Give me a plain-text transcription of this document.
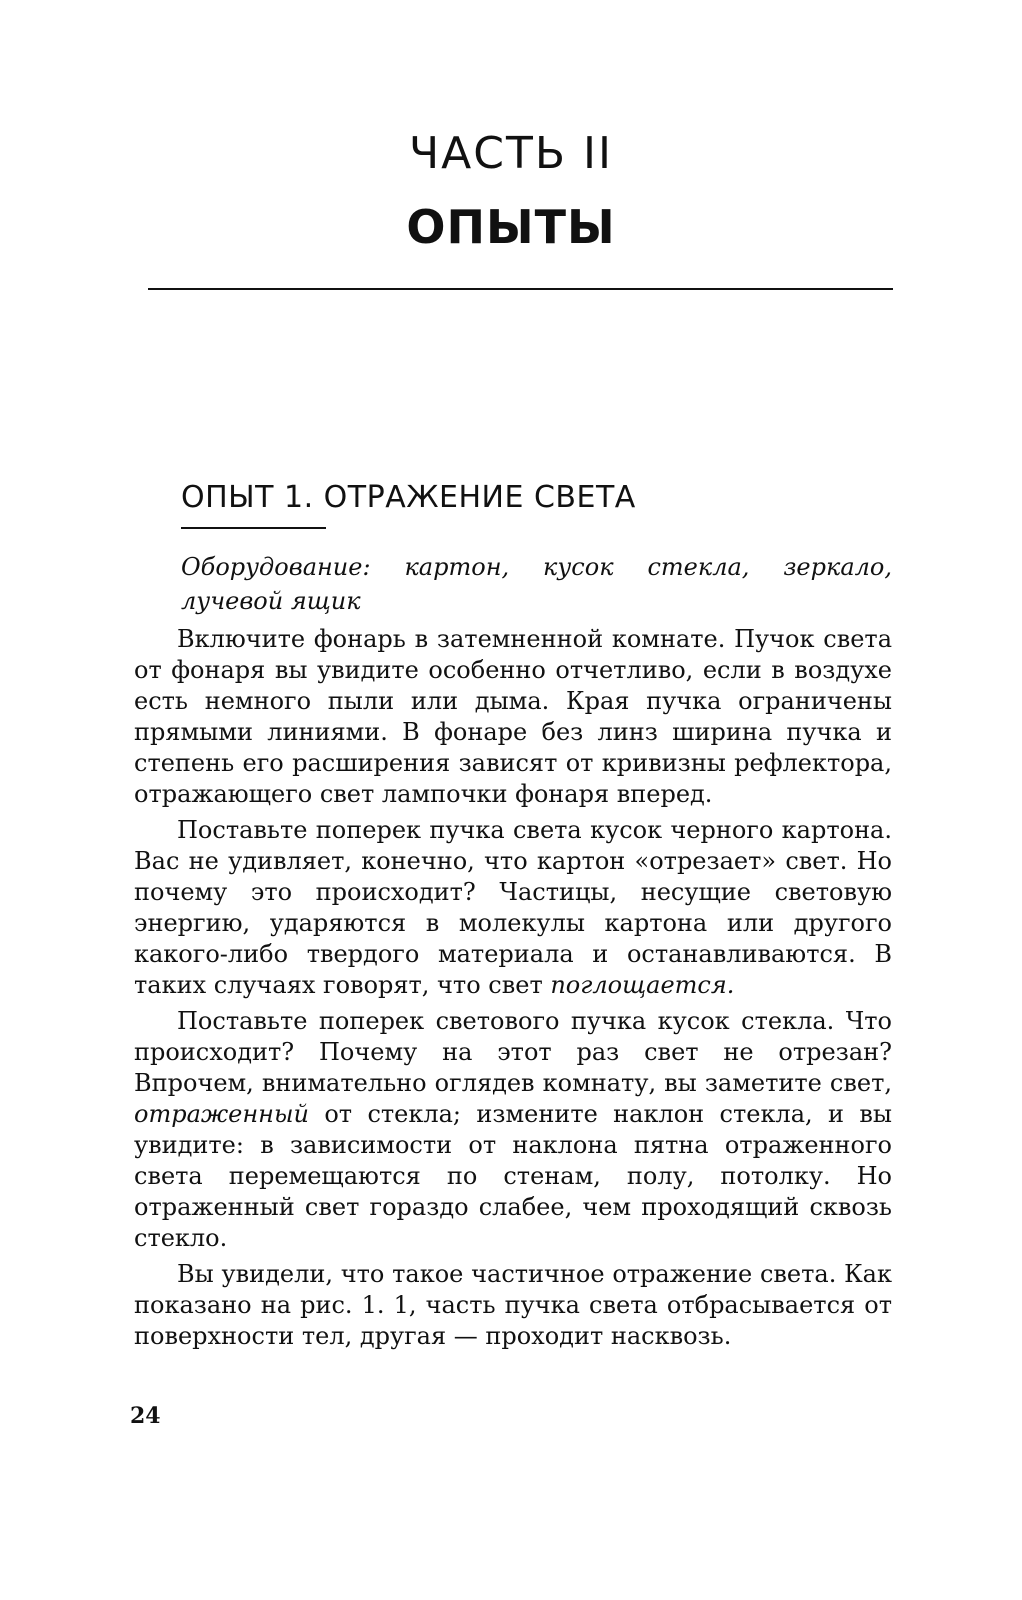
ЧАСТЬ II
ОПЫТЫ
ОПЫТ 1. ОТРАЖЕНИЕ СВЕТА
Оборудование: картон, кусок стекла, зеркало, лучевой ящик

Включите фонарь в затемненной комнате. Пучок света от фонаря вы увидите особенно отчетливо, если в воздухе есть немного пыли или дыма. Края пучка ограничены прямыми линиями. В фонаре без линз ширина пучка и степень его расширения зависят от кривизны рефлектора, отражающего свет лампочки фонаря вперед.

Поставьте поперек пучка света кусок черного картона. Вас не удивляет, конечно, что картон «отрезает» свет. Но почему это происходит? Частицы, несущие световую энергию, ударяются в молекулы картона или другого какого-либо твердого материала и останавливаются. В таких случаях говорят, что свет поглощается.

Поставьте поперек светового пучка кусок стекла. Что происходит? Почему на этот раз свет не отрезан? Впрочем, внимательно оглядев комнату, вы заметите свет, отраженный от стекла; измените наклон стекла, и вы увидите: в зависимости от наклона пятна отраженного света перемещаются по стенам, полу, потолку. Но отраженный свет гораздо слабее, чем проходящий сквозь стекло.

Вы увидели, что такое частичное отражение света. Как показано на рис. 1. 1, часть пучка света отбрасывается от поверхности тел, другая — проходит насквозь.

24
